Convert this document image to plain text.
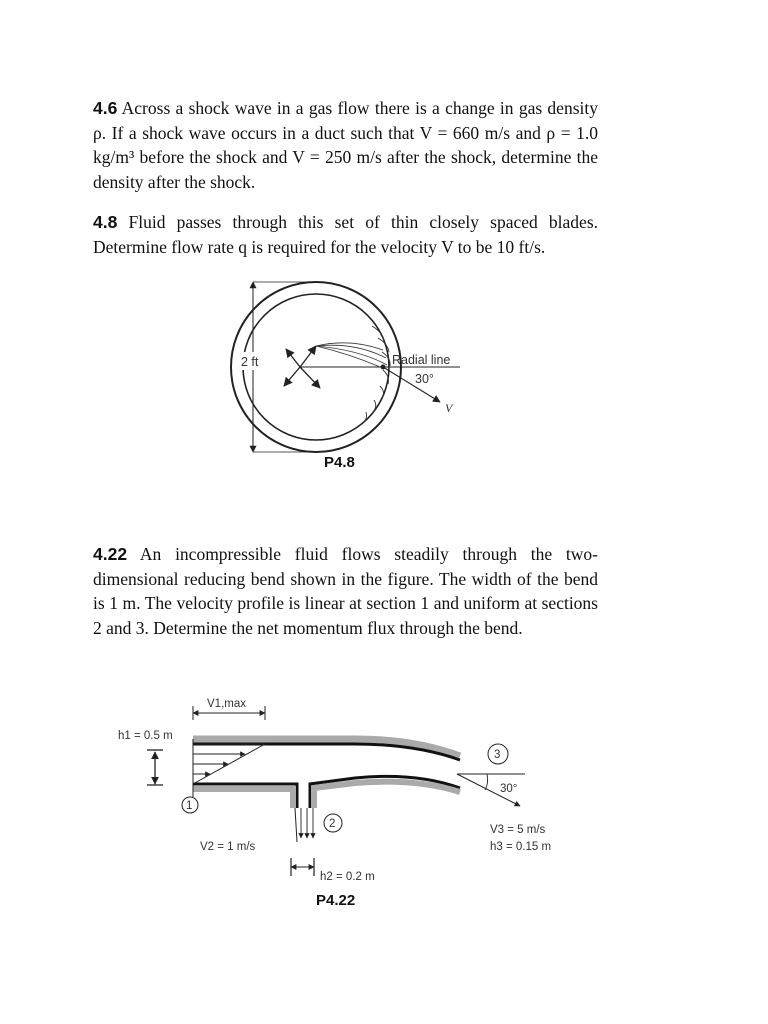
4.6 Across a shock wave in a gas flow there is a change in gas density ρ. If a shock wave occurs in a duct such that V = 660 m/s and ρ = 1.0 kg/m³ before the shock and V = 250 m/s after the shock, determine the density after the shock.

4.8 Fluid passes through this set of thin closely spaced blades. Determine flow rate q is required for the velocity V to be 10 ft/s.

2 ft	Radial line
30°
V
P4.8

4.22 An incompressible fluid flows steadily through the two-dimensional reducing bend shown in the figure. The width of the bend is 1 m. The velocity profile is linear at section 1 and uniform at sections 2 and 3. Determine the net momentum flux through the bend.

V1,max
h1 = 0.5 m
1
2
3
V2 = 1 m/s
h2 = 0.2 m
30°
V3 = 5 m/s
h3 = 0.15 m
P4.22
